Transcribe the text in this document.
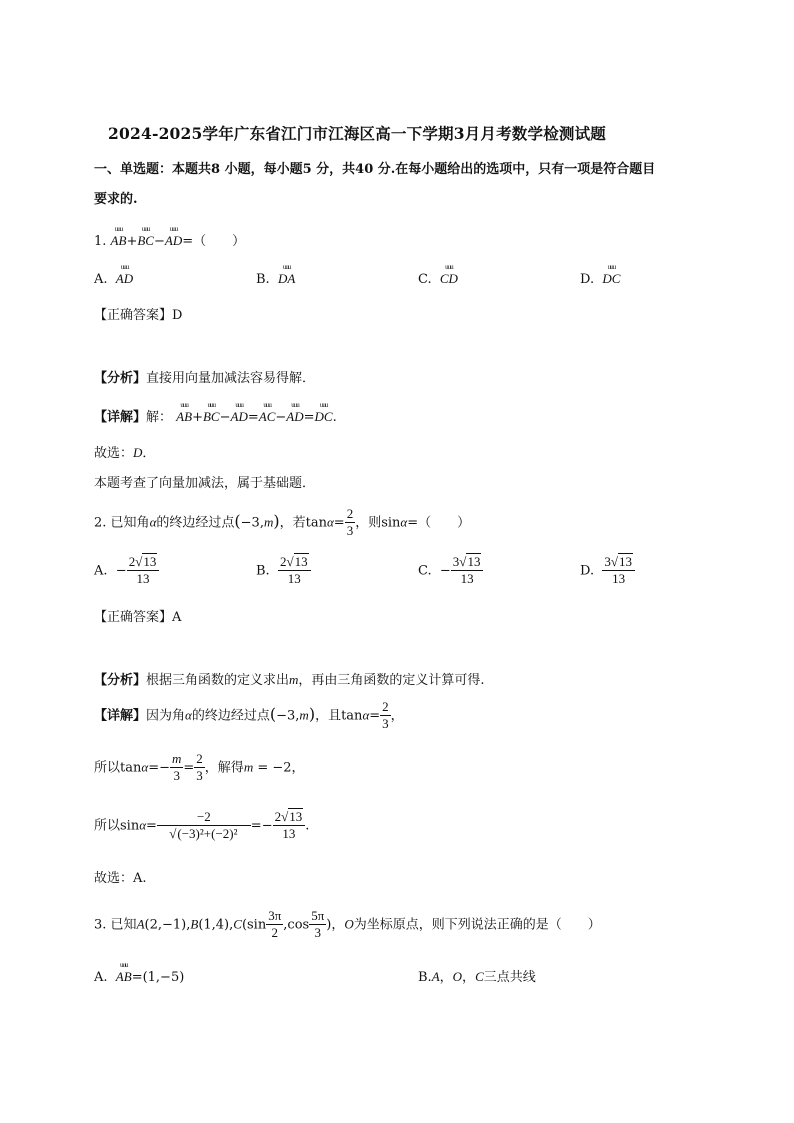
2024-2025学年广东省江门市江海区高一下学期3月月考数学检测试题
一、单选题：本题共8 小题，每小题5 分，共40 分.在每小题给出的选项中，只有一项是符合题目
要求的.
1. uuu AB+uuu BC−uuu AD=（　　）
A. uuu AD	B. uuu DA	C. uuu CD	D. uuu DC
【正确答案】D
【分析】直接用向量加减法容易得解．
【详解】解： uuu AB+uuu BC−uuu AD=uuu AC−uuu AD=uuu DC.
故选：D．
本题考查了向量加减法，属于基础题．
2. 已知角α的终边经过点(−3,m)，若$\tan\alpha= \frac{2}{3}$ ，则sinα=（　　）
A. − $\frac{2√13}{13}$	B. $\frac{2√13}{13}$	C. − $\frac{3√13}{13}$	D. $\frac{3√13}{13}$
【正确答案】A
【分析】根据三角函数的定义求出m，再由三角函数的定义计算可得.
【详解】因为角α的终边经过点(−3,m)，且$\tan\alpha= \frac{2}{3}$ ，
所以$\tan\alpha=- \frac{m}{3} = \frac{2}{3}$ ，解得m = −2，
所以$\sin\alpha= \frac{-2}{\text{√(−3)²+(−2)²}} =- \frac{2√13}{13}$ .
故选：A.
3. 已知$A(2,-1),B(1,4),C(\sin \frac{3\pi}{2} ,\cos \frac{5\pi}{3}$ )，O为坐标原点，则下列说法正确的是（　　）
A. uuu AB=(1,−5)	B.A，O，C三点共线
